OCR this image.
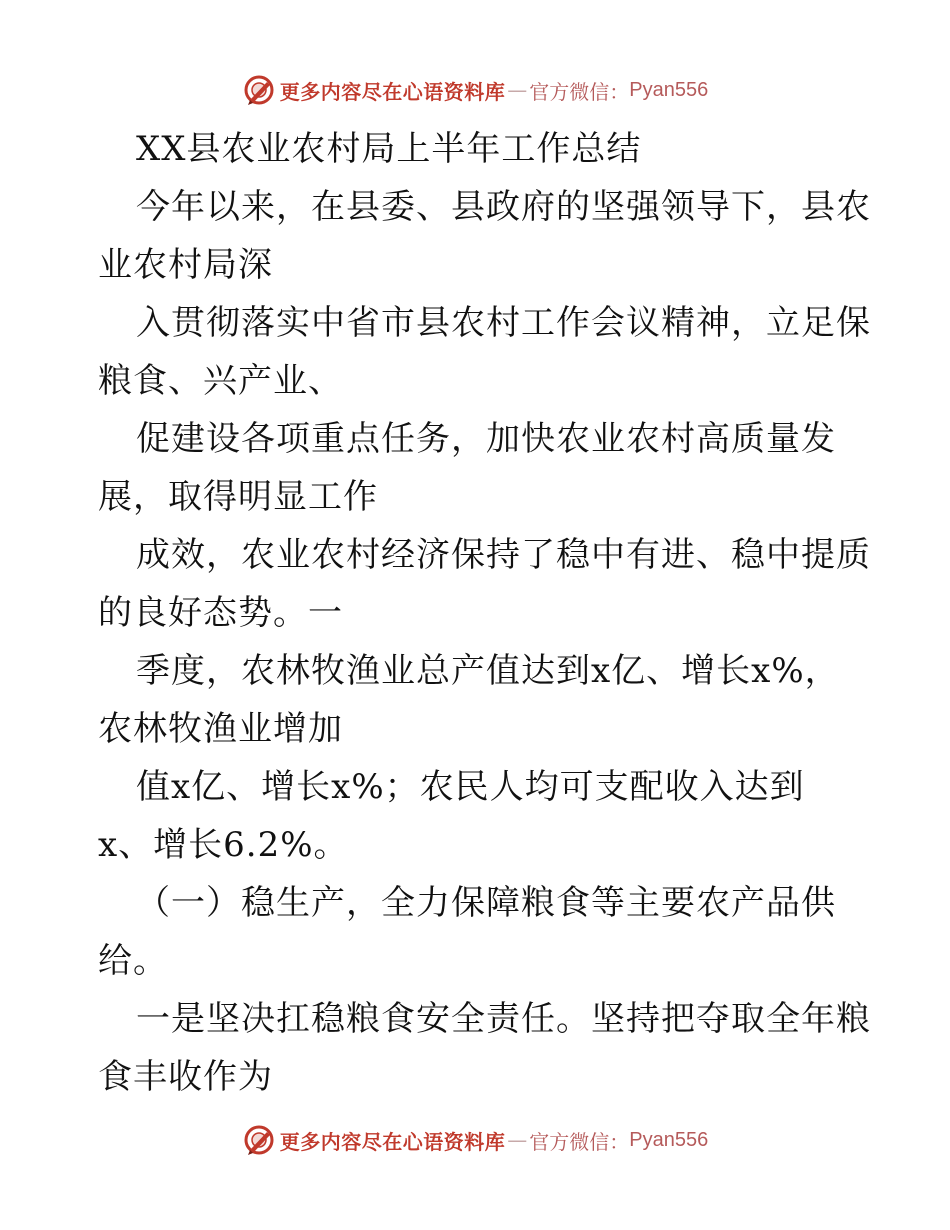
更多内容尽在心语资料库 — 官方微信： Pyan556
XX县农业农村局上半年工作总结
今年以来，在县委、县政府的坚强领导下，县农
业农村局深
入贯彻落实中省市县农村工作会议精神，立足保
粮食、兴产业、
促建设各项重点任务，加快农业农村高质量发
展，取得明显工作
成效，农业农村经济保持了稳中有进、稳中提质
的良好态势。一
季度，农林牧渔业总产值达到x亿、增长x%，
农林牧渔业增加
值x亿、增长x%；农民人均可支配收入达到
x、增长6.2%。
（一）稳生产，全力保障粮食等主要农产品供
给。
一是坚决扛稳粮食安全责任。坚持把夺取全年粮
食丰收作为
更多内容尽在心语资料库 — 官方微信： Pyan556
